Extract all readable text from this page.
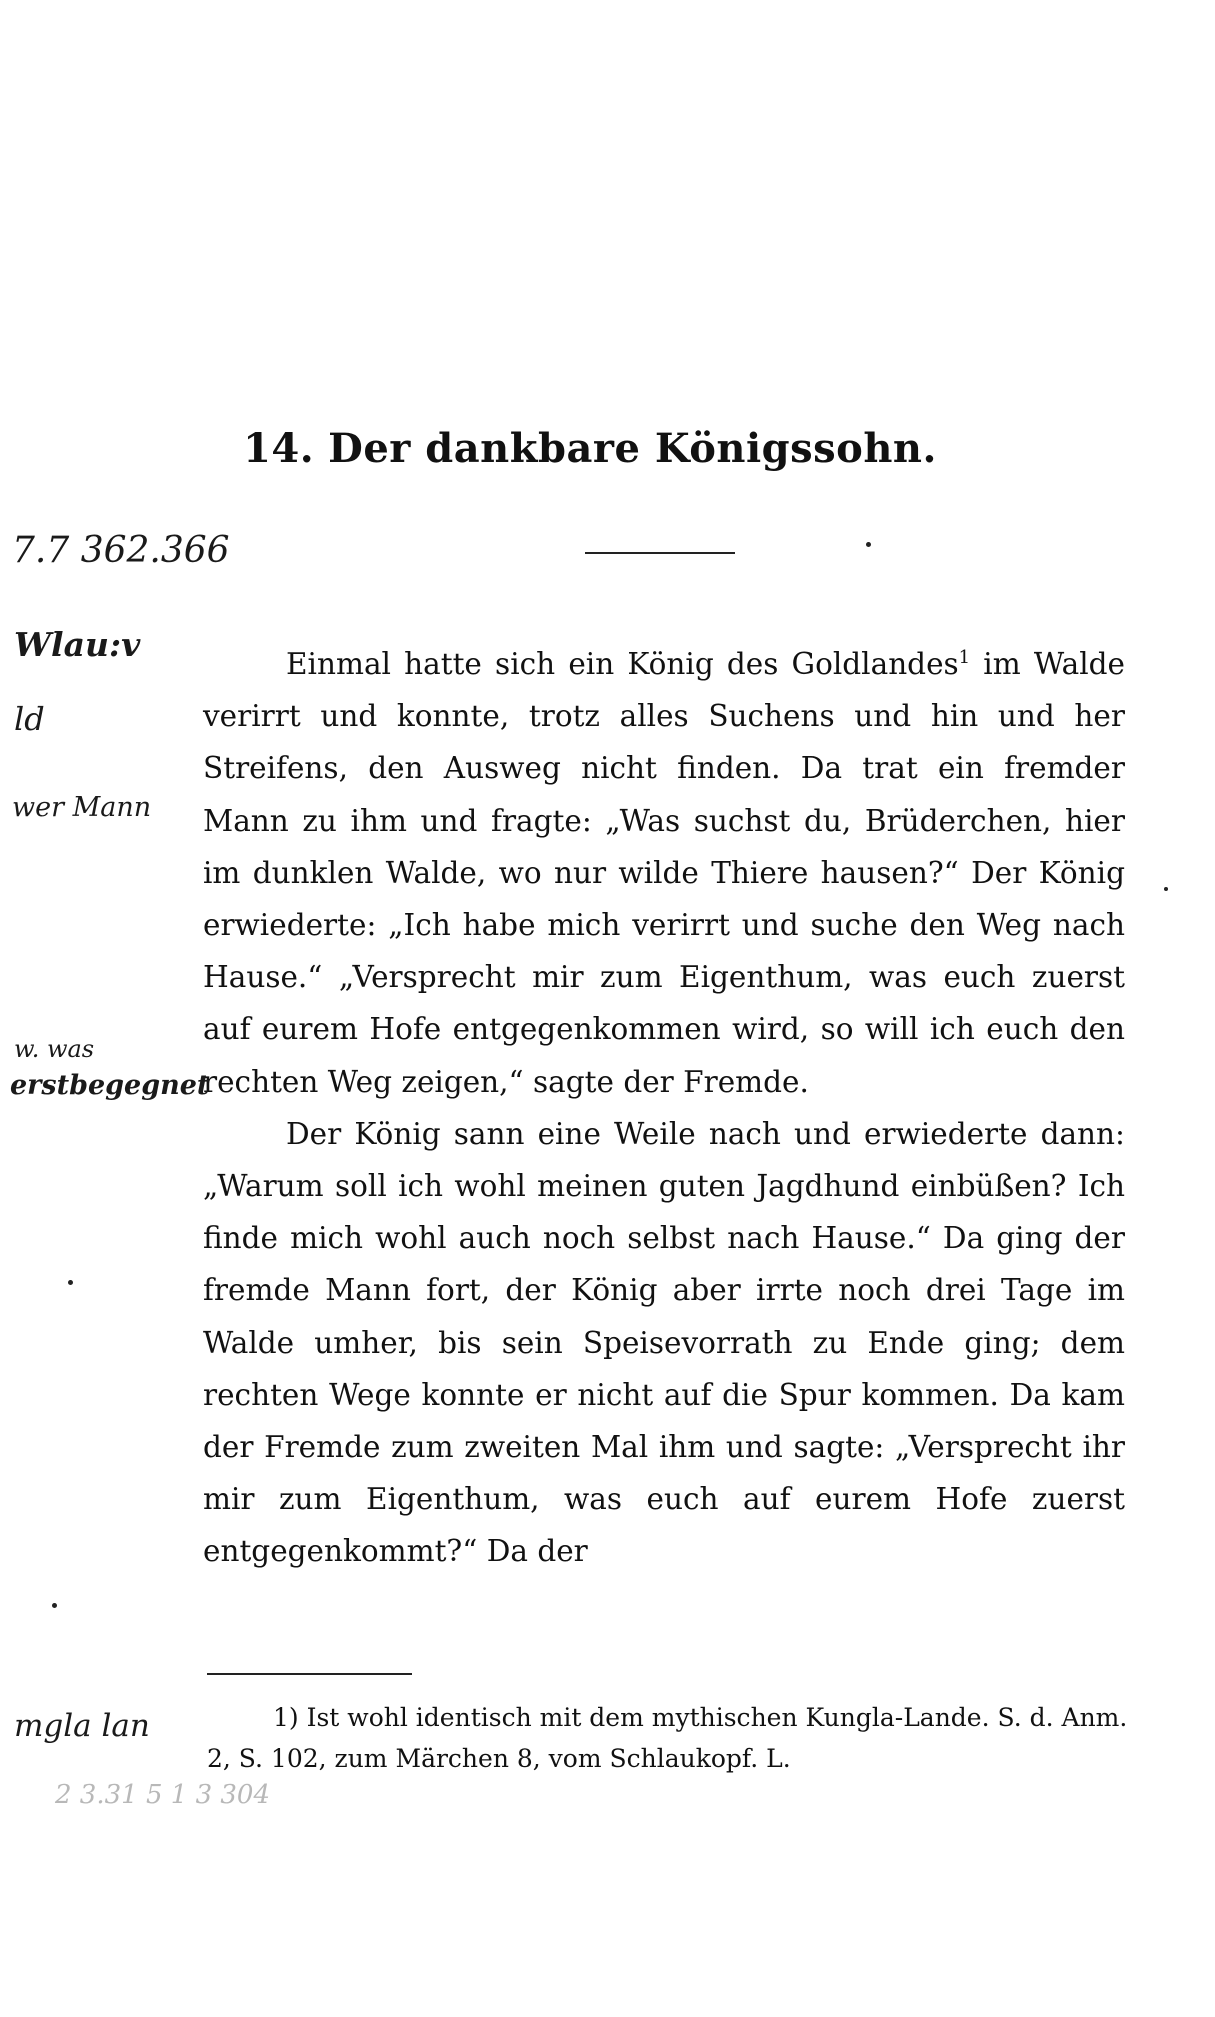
14. Der dankbare Königssohn.

Einmal hatte sich ein König des Goldlandes$^1$ im Walde verirrt und konnte, trotz alles Suchens und hin und her Streifens, den Ausweg nicht finden. Da trat ein fremder Mann zu ihm und fragte: „Was suchst du, Brüderchen, hier im dunklen Walde, wo nur wilde Thiere hausen?“ Der König erwiederte: „Ich habe mich verirrt und suche den Weg nach Hause.“ „Versprecht mir zum Eigenthum, was euch zuerst auf eurem Hofe entgegenkommen wird, so will ich euch den rechten Weg zeigen,“ sagte der Fremde.

Der König sann eine Weile nach und erwiederte dann: „Warum soll ich wohl meinen guten Jagdhund einbüßen? Ich finde mich wohl auch noch selbst nach Hause.“ Da ging der fremde Mann fort, der König aber irrte noch drei Tage im Walde umher, bis sein Speisevorrath zu Ende ging; dem rechten Wege konnte er nicht auf die Spur kommen. Da kam der Fremde zum zweiten Mal ihm und sagte: „Versprecht ihr mir zum Eigenthum, was euch auf eurem Hofe zuerst entgegenkommt?“ Da der

1) Ist wohl identisch mit dem mythischen Kungla-Lande. S. d. Anm. 2, S. 102, zum Märchen 8, vom Schlaukopf. L.

7.7 362.366
Wlau:v
ld
wer Mann
w. was
erstbegegnet
mgla lan
2 3.31 5 1 3 304
